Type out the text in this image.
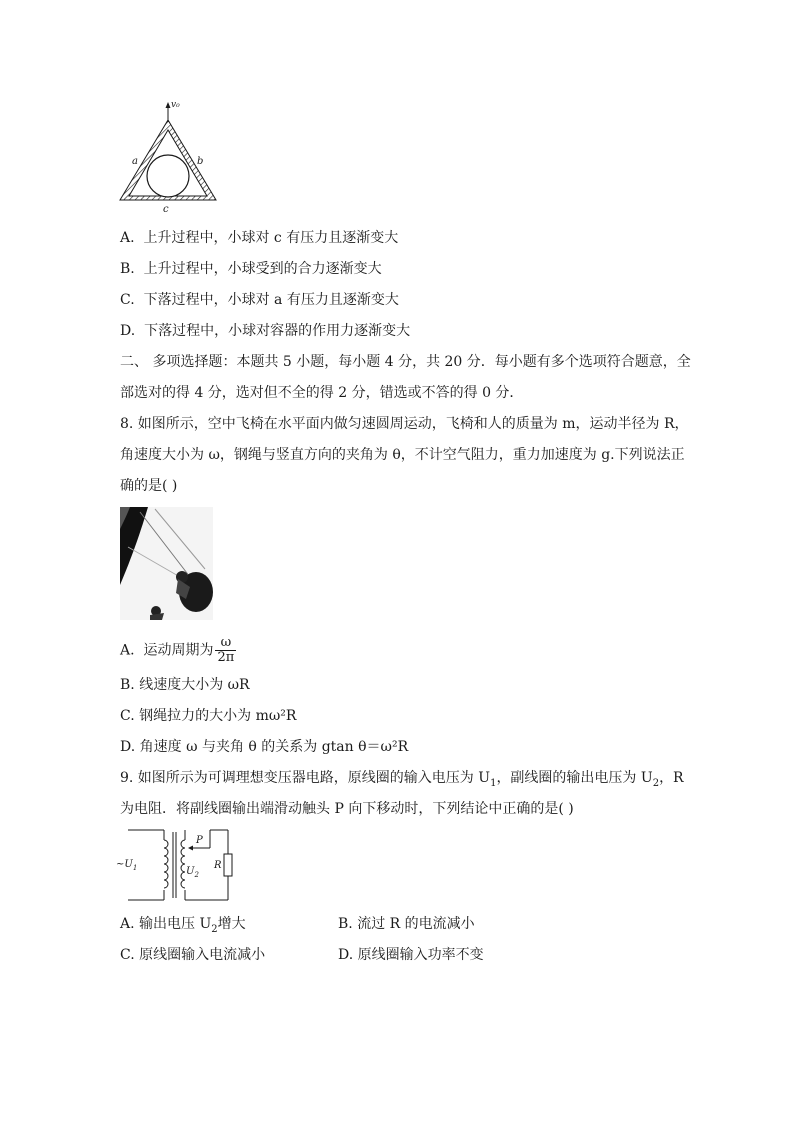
v₀
a	b
c
A. 上升过程中，小球对 c 有压力且逐渐变大
B. 上升过程中，小球受到的合力逐渐变大
C. 下落过程中，小球对 a 有压力且逐渐变大
D. 下落过程中，小球对容器的作用力逐渐变大
二、 多项选择题：本题共 5 小题，每小题 4 分，共 20 分．每小题有多个选项符合题意，全
部选对的得 4 分，选对但不全的得 2 分，错选或不答的得 0 分．
8. 如图所示，空中飞椅在水平面内做匀速圆周运动，飞椅和人的质量为 m，运动半径为 R，
角速度大小为 ω，钢绳与竖直方向的夹角为 θ，不计空气阻力，重力加速度为 g.下列说法正
确的是( )
A. 运动周期为 $\frac{\omega}{2\pi}$
B. 线速度大小为 ωR
C. 钢绳拉力的大小为 mω²R
D. 角速度 ω 与夹角 θ 的关系为 gtan θ＝ω²R
9. 如图所示为可调理想变压器电路，原线圈的输入电压为 $U_1$，副线圈的输出电压为 $U_2$，R
为电阻．将副线圈输出端滑动触头 P 向下移动时，下列结论中正确的是( )
$\sim U_1$
P
$U_2$
R
A. 输出电压 $U_2$增大	B. 流过 R 的电流减小
C. 原线圈输入电流减小	D. 原线圈输入功率不变
